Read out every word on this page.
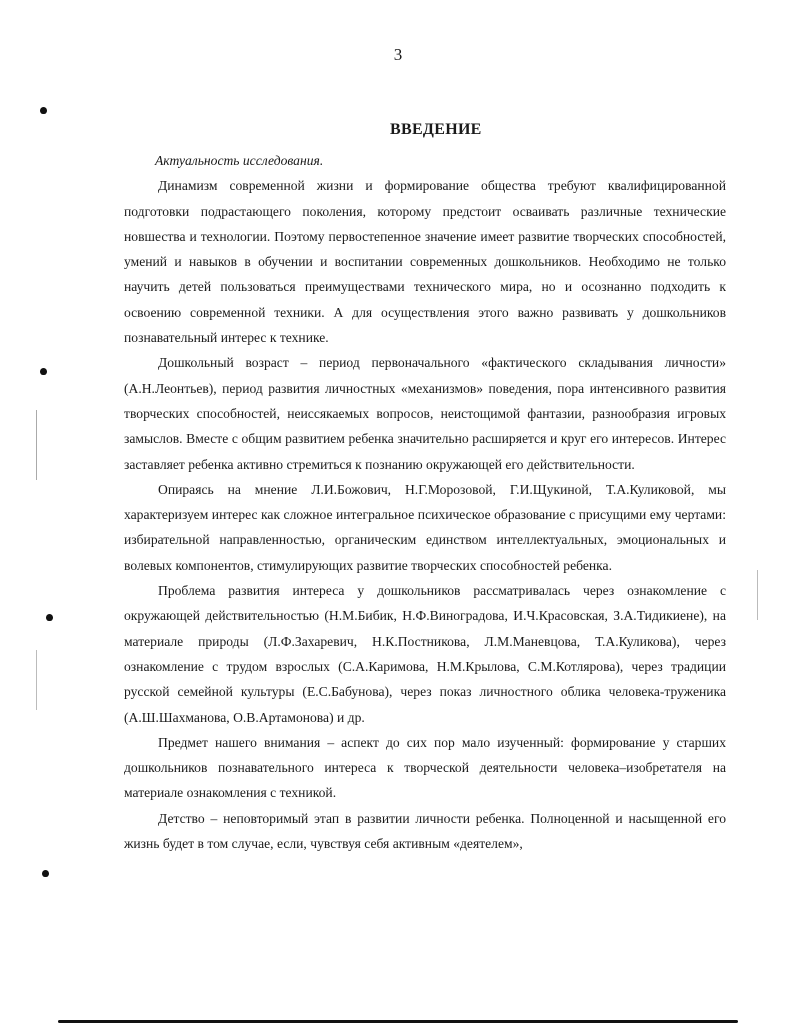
3
ВВЕДЕНИЕ

Актуальность исследования.

Динамизм современной жизни и формирование общества требуют квалифицированной подготовки подрастающего поколения, которому предстоит осваивать различные технические новшества и технологии. Поэтому первостепенное значение имеет развитие творческих способностей, умений и навыков в обучении и воспитании современных дошкольников. Необходимо не только научить детей пользоваться преимуществами технического мира, но и осознанно подходить к освоению современной техники. А для осуществления этого важно развивать у дошкольников познавательный интерес к технике.

Дошкольный возраст – период первоначального «фактического складывания личности» (А.Н.Леонтьев), период развития личностных «механизмов» поведения, пора интенсивного развития творческих способностей, неиссякаемых вопросов, неистощимой фантазии, разнообразия игровых замыслов. Вместе с общим развитием ребенка значительно расширяется и круг его интересов. Интерес заставляет ребенка активно стремиться к познанию окружающей его действительности.

Опираясь на мнение Л.И.Божович, Н.Г.Морозовой, Г.И.Щукиной, Т.А.Куликовой, мы характеризуем интерес как сложное интегральное психическое образование с присущими ему чертами: избирательной направленностью, органическим единством интеллектуальных, эмоциональных и волевых компонентов, стимулирующих развитие творческих способностей ребенка.

Проблема развития интереса у дошкольников рассматривалась через ознакомление с окружающей действительностью (Н.М.Бибик, Н.Ф.Виноградова, И.Ч.Красовская, З.А.Тидикиене), на материале природы (Л.Ф.Захаревич, Н.К.Постникова, Л.М.Маневцова, Т.А.Куликова), через ознакомление с трудом взрослых (С.А.Каримова, Н.М.Крылова, С.М.Котлярова), через традиции русской семейной культуры (Е.С.Бабунова), через показ личностного облика человека-труженика (А.Ш.Шахманова, О.В.Артамонова) и др.

Предмет нашего внимания – аспект до сих пор мало изученный: формирование у старших дошкольников познавательного интереса к творческой деятельности человека–изобретателя на материале ознакомления с техникой.

Детство – неповторимый этап в развитии личности ребенка. Полноценной и насыщенной его жизнь будет в том случае, если, чувствуя себя активным «деятелем»,
